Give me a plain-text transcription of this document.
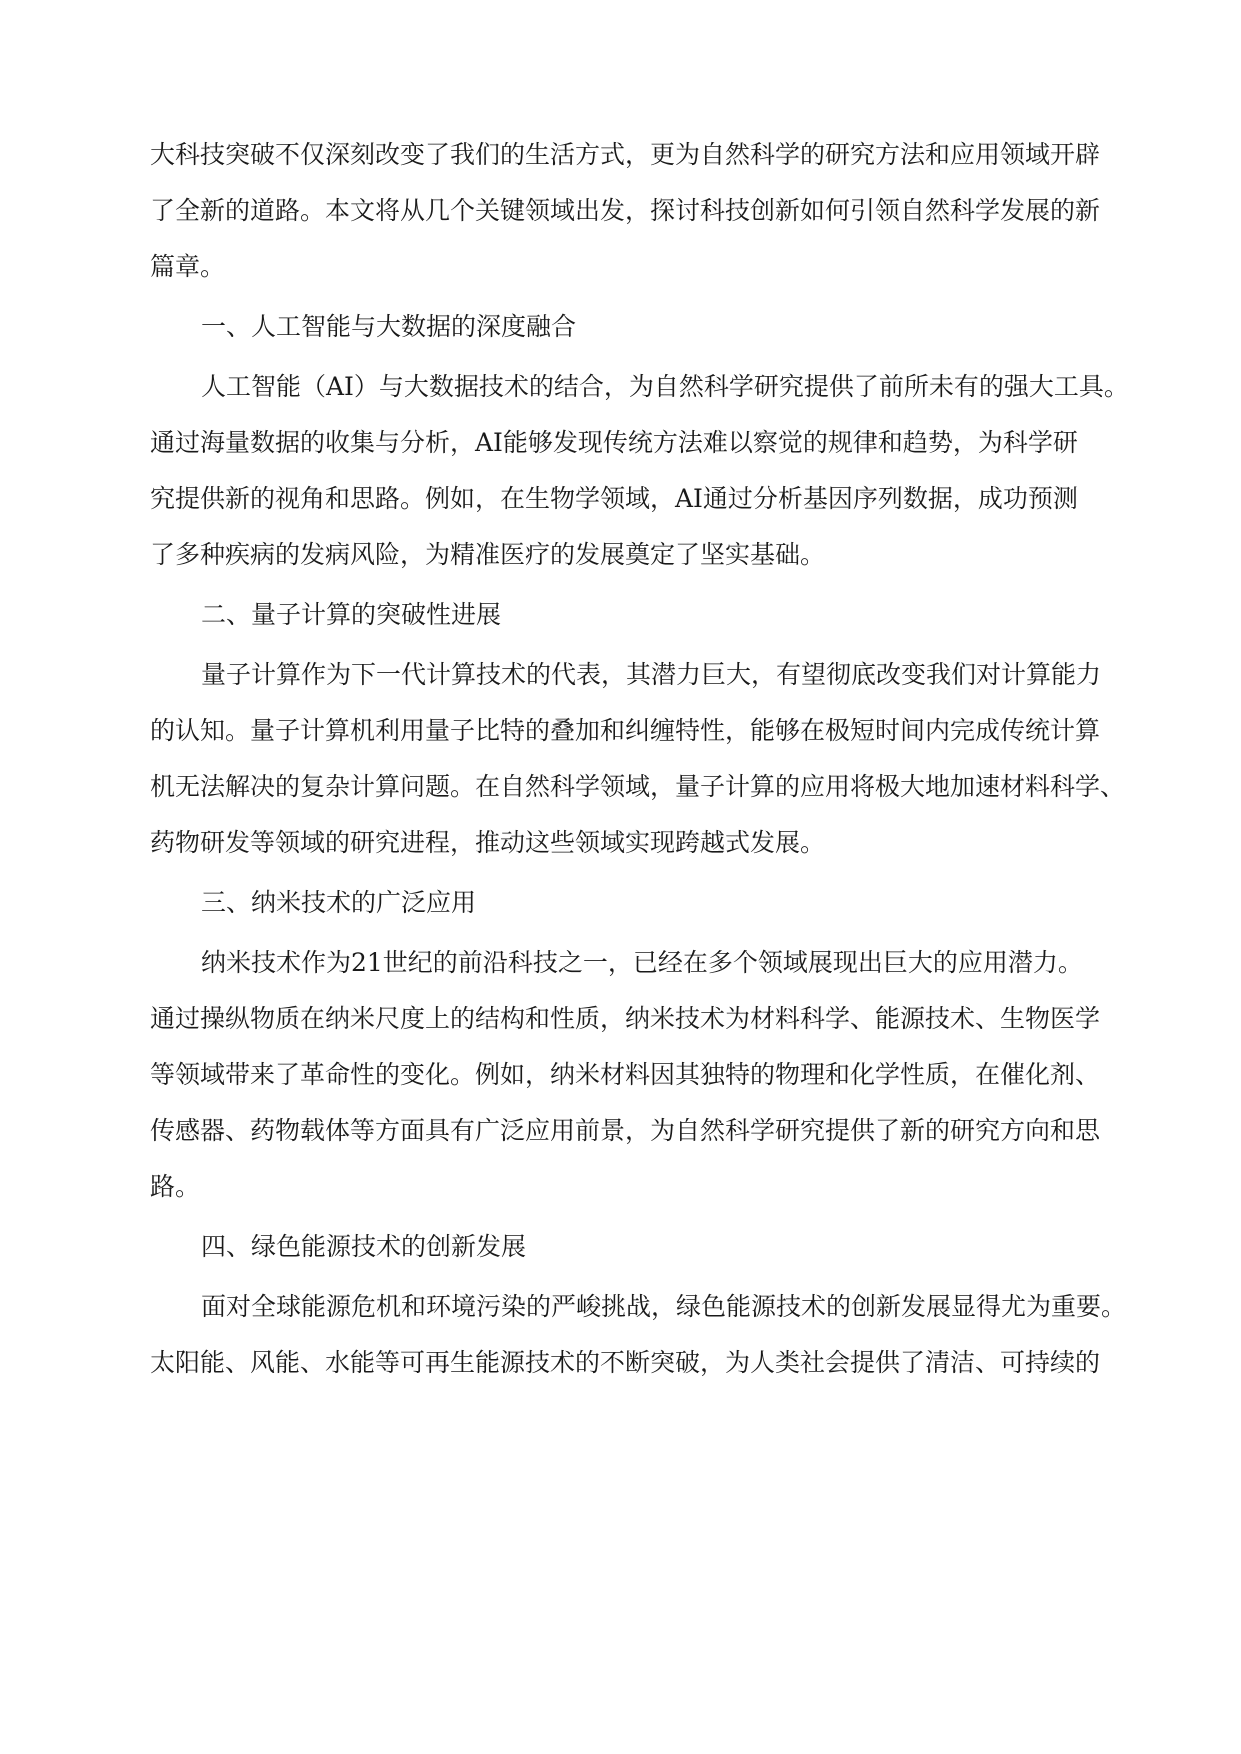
大科技突破不仅深刻改变了我们的生活方式，更为自然科学的研究方法和应用领域开辟
了全新的道路。本文将从几个关键领域出发，探讨科技创新如何引领自然科学发展的新
篇章。
一、人工智能与大数据的深度融合
人工智能（AI）与大数据技术的结合，为自然科学研究提供了前所未有的强大工具。
通过海量数据的收集与分析，AI能够发现传统方法难以察觉的规律和趋势，为科学研
究提供新的视角和思路。例如，在生物学领域，AI通过分析基因序列数据，成功预测
了多种疾病的发病风险，为精准医疗的发展奠定了坚实基础。
二、量子计算的突破性进展
量子计算作为下一代计算技术的代表，其潜力巨大，有望彻底改变我们对计算能力
的认知。量子计算机利用量子比特的叠加和纠缠特性，能够在极短时间内完成传统计算
机无法解决的复杂计算问题。在自然科学领域，量子计算的应用将极大地加速材料科学、
药物研发等领域的研究进程，推动这些领域实现跨越式发展。
三、纳米技术的广泛应用
纳米技术作为21世纪的前沿科技之一，已经在多个领域展现出巨大的应用潜力。
通过操纵物质在纳米尺度上的结构和性质，纳米技术为材料科学、能源技术、生物医学
等领域带来了革命性的变化。例如，纳米材料因其独特的物理和化学性质，在催化剂、
传感器、药物载体等方面具有广泛应用前景，为自然科学研究提供了新的研究方向和思
路。
四、绿色能源技术的创新发展
面对全球能源危机和环境污染的严峻挑战，绿色能源技术的创新发展显得尤为重要。
太阳能、风能、水能等可再生能源技术的不断突破，为人类社会提供了清洁、可持续的
